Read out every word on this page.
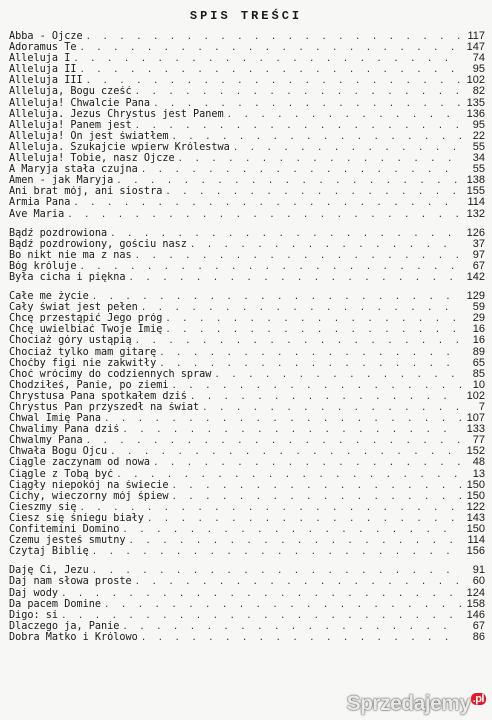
SPIS TREŚCI
Abba - Ojcze . . .	117
Adoramus Te . . .	147
Alleluja I . . .	74
Alleluja II . . .	95
Alleluja III . . .	102
Alleluja, Bogu cześć . . .	82
Alleluja! Chwalcie Pana . . .	135
Alleluja. Jezus Chrystus jest Panem . . .	136
Alleluja! Panem jest . . .	95
Alleluja! On jest światłem . . .	22
Alleluja. Szukajcie wpierw Królestwa . . .	55
Alleluja! Tobie, nasz Ojcze . . .	34
A Maryja stała czujna . . .	55
Amen - jak Maryja . . .	138
Ani brat mój, ani siostra . . .	155
Armia Pana . . .	114
Ave Maria . . .	132
Bądź pozdrowiona . . .	126
Bądź pozdrowiony, gościu nasz . . .	37
Bo nikt nie ma z nas . . .	97
Bóg króluje . . .	67
Była cicha i piękna . . .	142
Całe me życie . . .	129
Cały świat jest pełen . . .	59
Chcę przestąpić Jego próg . . .	29
Chcę uwielbiać Twoje Imię . . .	16
Chociaż góry ustąpią . . .	16
Chociaż tylko mam gitarę . . .	89
Choćby figi nie zakwitły . . .	65
Choć wrócimy do codziennych spraw . . .	85
Chodziłeś, Panie, po ziemi . . .	10
Chrystusa Pana spotkałem dziś . . .	102
Chrystus Pan przyszedł na świat . . .	7
Chwal Imię Pana . . .	107
Chwalimy Pana dziś . . .	133
Chwalmy Pana . . .	77
Chwała Bogu Ojcu . . .	152
Ciągle zaczynam od nowa . . .	48
Ciągle z Tobą być . . .	13
Ciągły niepokój na świecie . . .	150
Cichy, wieczorny mój śpiew . . .	150
Cieszmy się . . .	122
Ciesz się śniegu biały . . .	143
Confitemini Domino . . .	150
Czemu jesteś smutny . . .	114
Czytaj Biblię . . .	156
Daję Ci, Jezu . . .	91
Daj nam słowa proste . . .	60
Daj wody . . .	124
Da pacem Domine . . .	158
Digo: si . . .	146
Dlaczego ja, Panie . . .	67
Dobra Matko i Królowo . . .	86
Sprzedajemy $^{.pl}$
